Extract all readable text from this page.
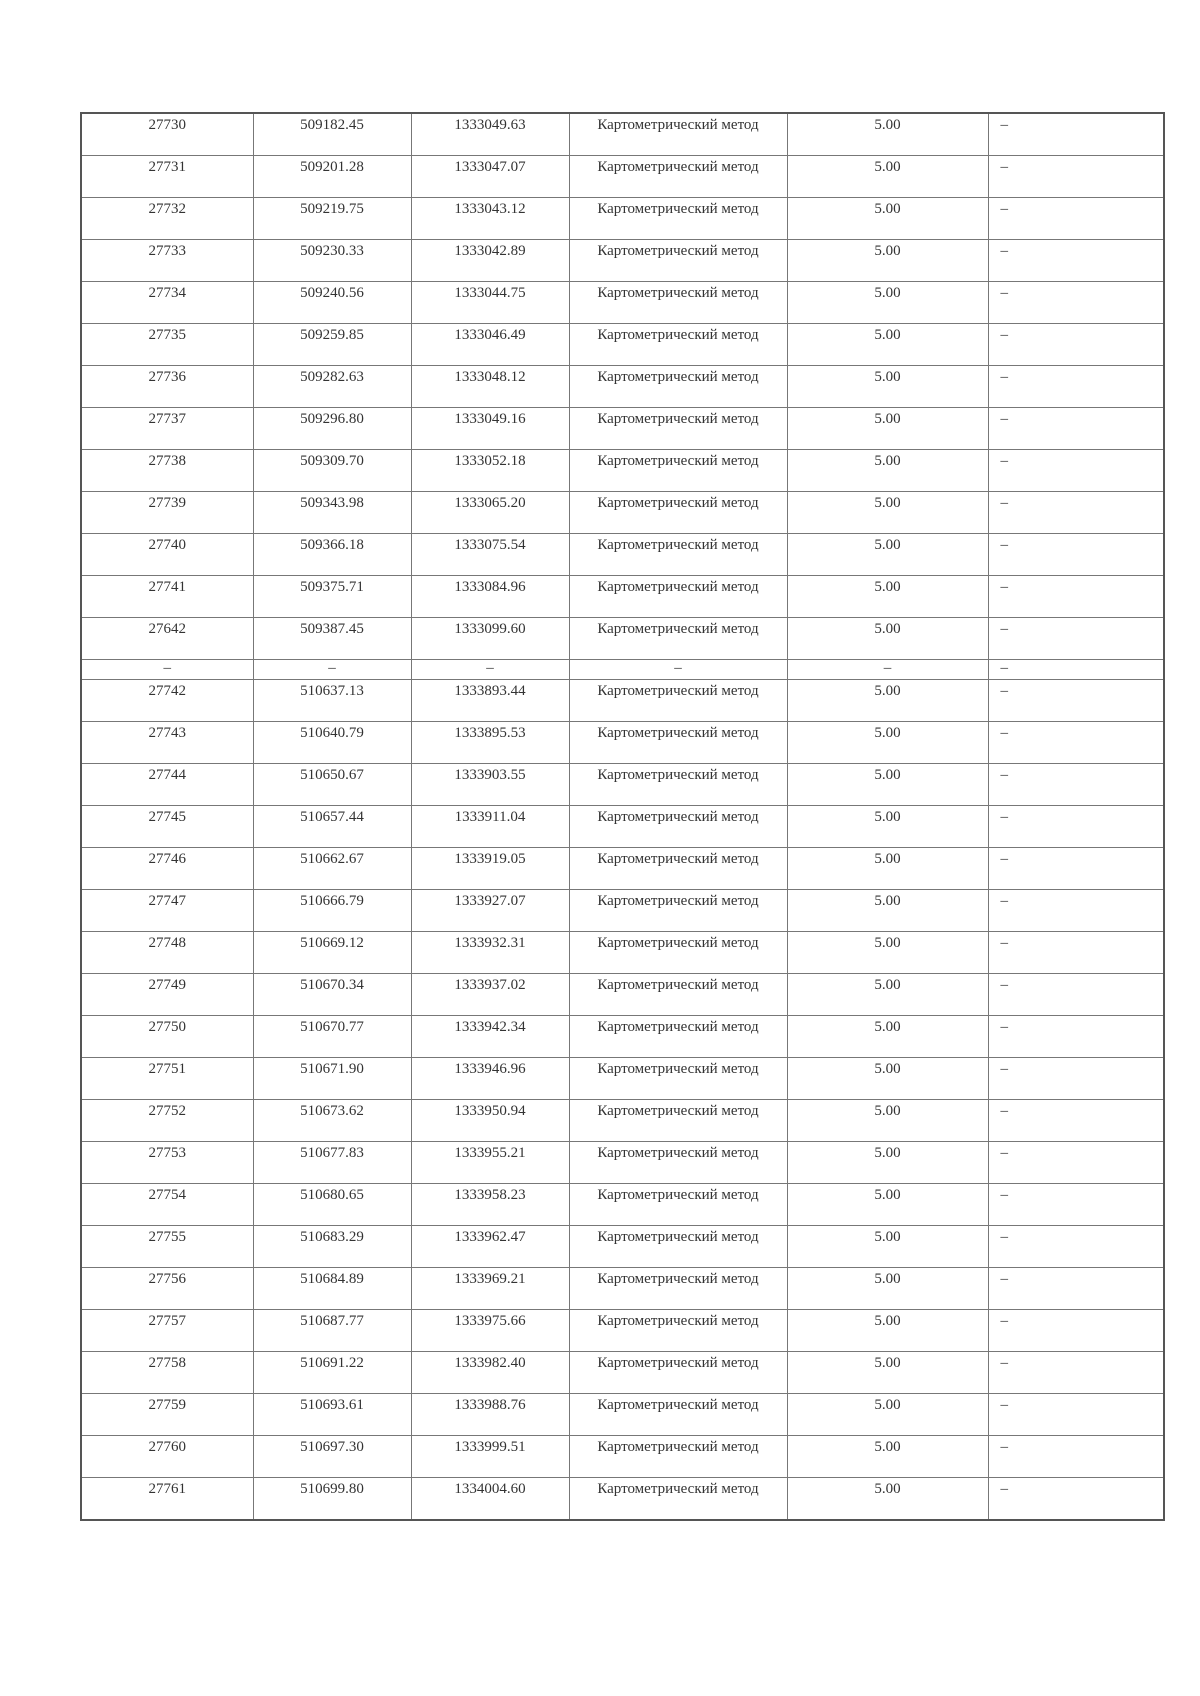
27730	509182.45	1333049.63	Картометрический метод	5.00	–
27731	509201.28	1333047.07	Картометрический метод	5.00	–
27732	509219.75	1333043.12	Картометрический метод	5.00	–
27733	509230.33	1333042.89	Картометрический метод	5.00	–
27734	509240.56	1333044.75	Картометрический метод	5.00	–
27735	509259.85	1333046.49	Картометрический метод	5.00	–
27736	509282.63	1333048.12	Картометрический метод	5.00	–
27737	509296.80	1333049.16	Картометрический метод	5.00	–
27738	509309.70	1333052.18	Картометрический метод	5.00	–
27739	509343.98	1333065.20	Картометрический метод	5.00	–
27740	509366.18	1333075.54	Картометрический метод	5.00	–
27741	509375.71	1333084.96	Картометрический метод	5.00	–
27642	509387.45	1333099.60	Картометрический метод	5.00	–
–	–	–	–	–	–
27742	510637.13	1333893.44	Картометрический метод	5.00	–
27743	510640.79	1333895.53	Картометрический метод	5.00	–
27744	510650.67	1333903.55	Картометрический метод	5.00	–
27745	510657.44	1333911.04	Картометрический метод	5.00	–
27746	510662.67	1333919.05	Картометрический метод	5.00	–
27747	510666.79	1333927.07	Картометрический метод	5.00	–
27748	510669.12	1333932.31	Картометрический метод	5.00	–
27749	510670.34	1333937.02	Картометрический метод	5.00	–
27750	510670.77	1333942.34	Картометрический метод	5.00	–
27751	510671.90	1333946.96	Картометрический метод	5.00	–
27752	510673.62	1333950.94	Картометрический метод	5.00	–
27753	510677.83	1333955.21	Картометрический метод	5.00	–
27754	510680.65	1333958.23	Картометрический метод	5.00	–
27755	510683.29	1333962.47	Картометрический метод	5.00	–
27756	510684.89	1333969.21	Картометрический метод	5.00	–
27757	510687.77	1333975.66	Картометрический метод	5.00	–
27758	510691.22	1333982.40	Картометрический метод	5.00	–
27759	510693.61	1333988.76	Картометрический метод	5.00	–
27760	510697.30	1333999.51	Картометрический метод	5.00	–
27761	510699.80	1334004.60	Картометрический метод	5.00	–
